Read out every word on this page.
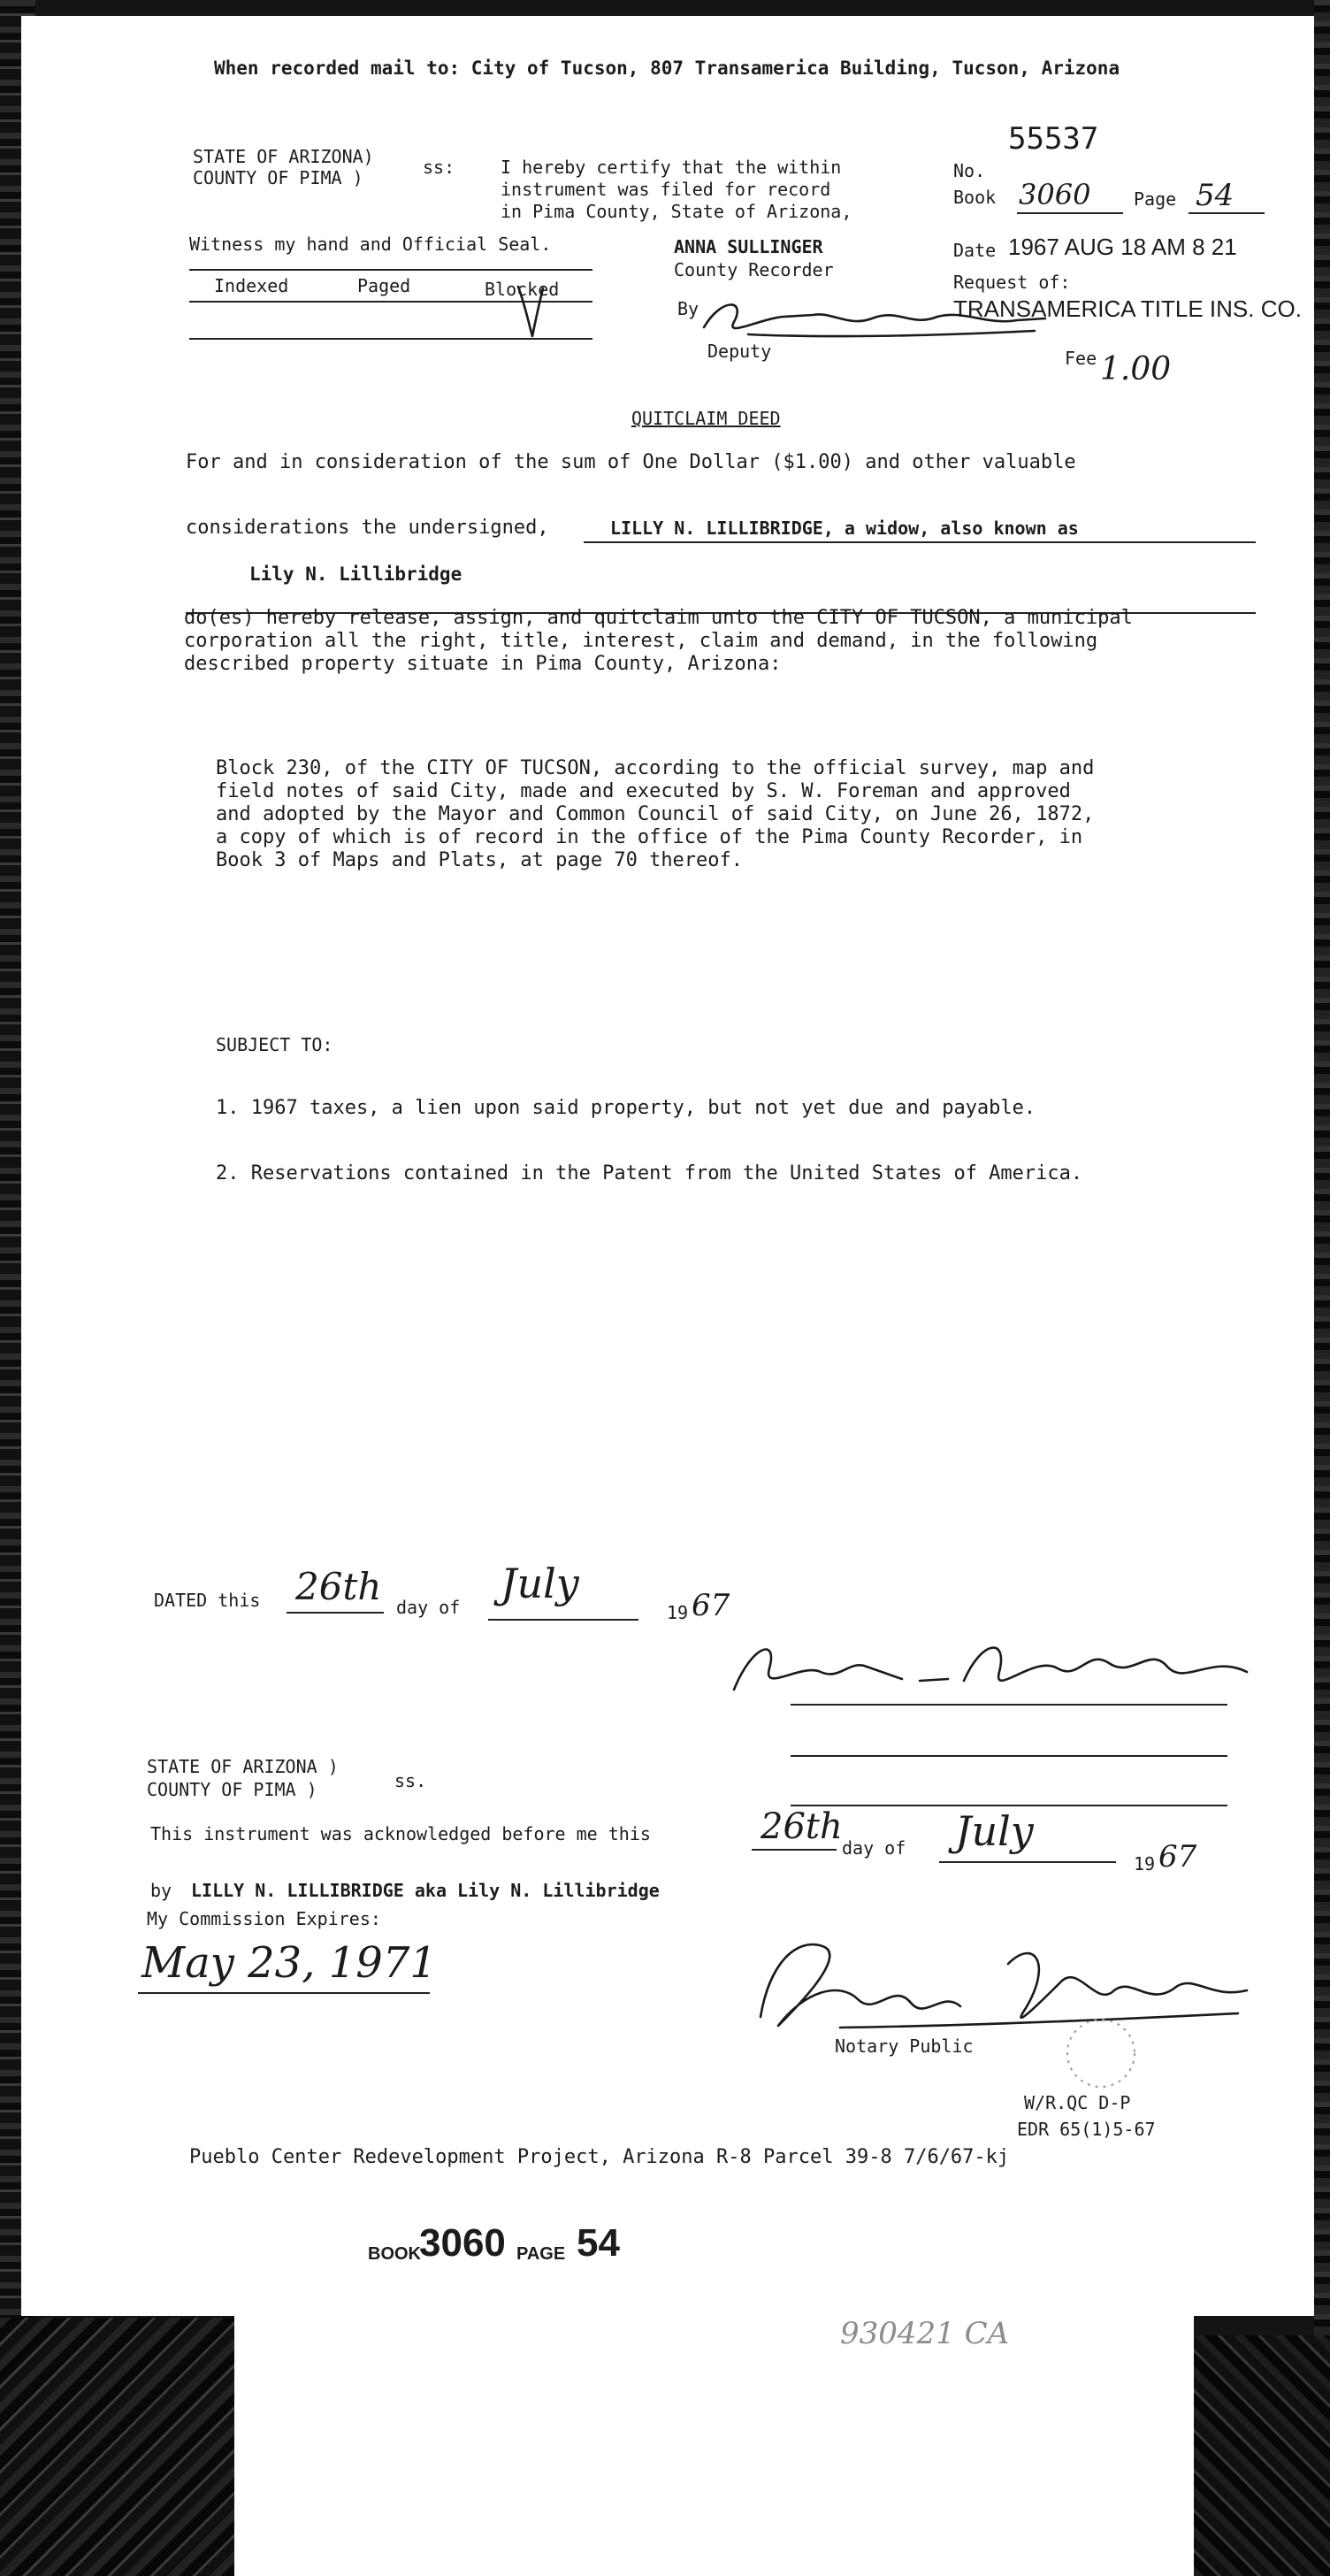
When recorded mail to: City of Tucson, 807 Transamerica Building, Tucson, Arizona
STATE OF ARIZONA)
COUNTY OF PIMA )	ss:	I hereby certify that the within
instrument was filed for record
in Pima County, State of Arizona,
Witness my hand and Official Seal.
55537
No.
Book 3060 Page 54
ANNA SULLINGER
County Recorder
By
Deputy
Date 1967 AUG 18 AM 8 21
Request of:
TRANSAMERICA TITLE INS. CO.
Fee 1.00
Indexed	Paged	Blocked
QUITCLAIM DEED
For and in consideration of the sum of One Dollar ($1.00) and other valuable
considerations the undersigned,	LILLY N. LILLIBRIDGE, a widow, also known as
Lily N. Lillibridge
do(es) hereby release, assign, and quitclaim unto the CITY OF TUCSON, a municipal
corporation all the right, title, interest, claim and demand, in the following
described property situate in Pima County, Arizona:
Block 230, of the CITY OF TUCSON, according to the official survey, map and
field notes of said City, made and executed by S. W. Foreman and approved
and adopted by the Mayor and Common Council of said City, on June 26, 1872,
a copy of which is of record in the office of the Pima County Recorder, in
Book 3 of Maps and Plats, at page 70 thereof.
SUBJECT TO:
1. 1967 taxes, a lien upon said property, but not yet due and payable.
2. Reservations contained in the Patent from the United States of America.
DATED this 26th day of July
19 67
STATE OF ARIZONA )
COUNTY OF PIMA )	ss.
This instrument was acknowledged before me this	26th
day of July
19 67
by LILLY N. LILLIBRIDGE aka Lily N. Lillibridge
My Commission Expires:
May 23, 1971
Notary Public
W/R.QC D-P
EDR 65(1)5-67
Pueblo Center Redevelopment Project, Arizona R-8 Parcel 39-8 7/6/67-kj
BOOK
3060 PAGE 54
930421 CA
